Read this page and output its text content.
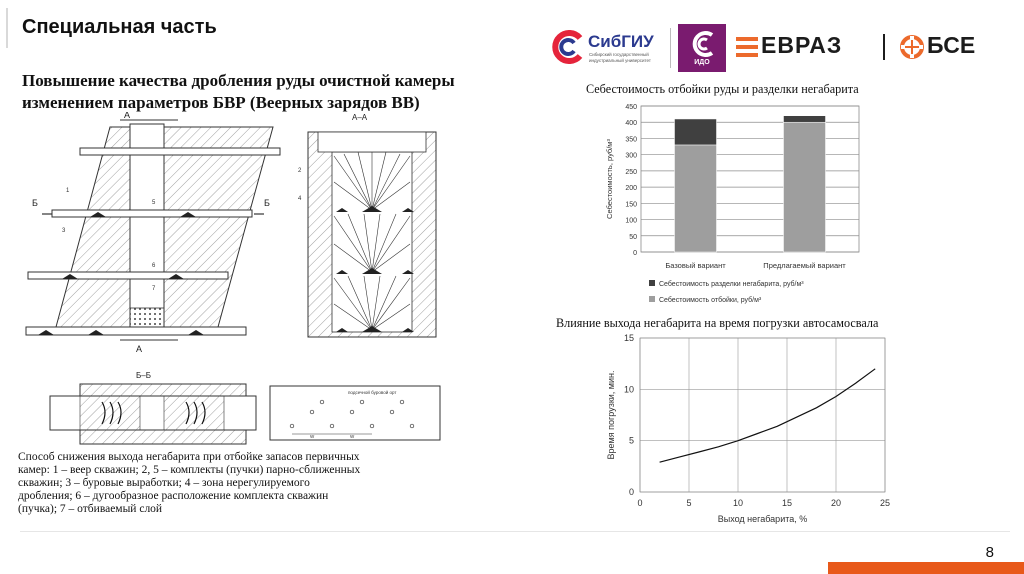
Специальная часть
СибГИУ
Сибирский государственный
индустриальный университет	ИДО
ЕВРАЗ	БСЕ
Повышение качества дробления руды очистной камеры
изменением параметров БВР (Веерных зарядов ВВ)
А
А
Б	Б
1
3
5
6
7
А–А
2
4
Б–Б
подсечной буровой орт
W	W
Способ снижения выхода негабарита при отбойке запасов первичных камер: 1 – веер скважин; 2, 5 – комплекты (пучки) парно-сближенных скважин; 3 – буровые выработки; 4 – зона нерегулируемого дробления; 6 – дугообразное расположение комплекта скважин (пучка); 7 – отбиваемый слой
Себестоимость отбойки руды и разделки негабарита
0
50
100
150
200
250
300
350
400
450
Базовый вариант	Предлагаемый вариант
Себестоимость, руб/м³
Себестоимость разделки негабарита, руб/м³
Себестоимость отбойки, руб/м³
Влияние выхода негабарита на время погрузки автосамосвала
0	5	10	15	20	25
0
5
10
15
Выход негабарита, %
Время погрузки, мин.
8
